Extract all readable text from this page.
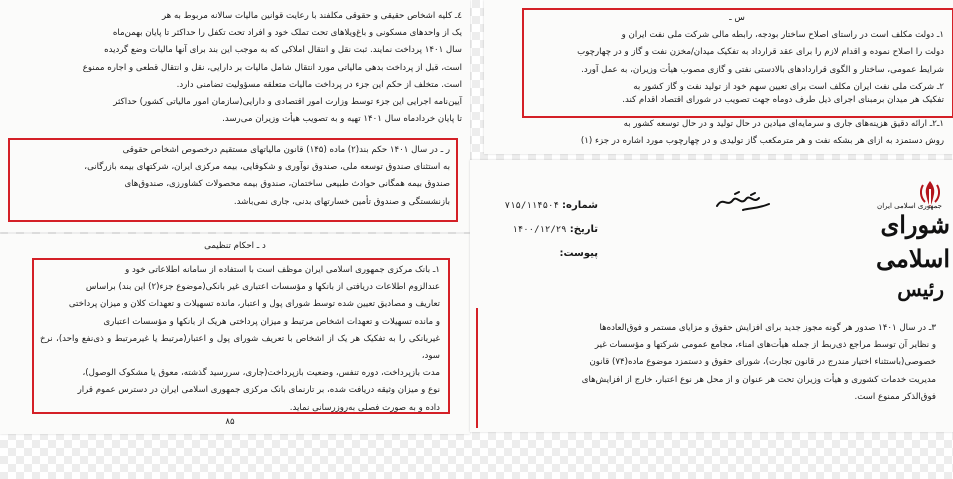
٤ـ کلیه اشخاص حقیقی و حقوقی مکلفند با رعایت قوانین مالیات سالانه مربوط به هر

یک از واحدهای مسکونی و باغ‌ویلاهای تحت تملک خود و افراد تحت تکفل را حداکثر تا پایان بهمن‌ماه

سال ۱۴۰۱ پرداخت نمایند. ثبت نقل و انتقال املاکی که به موجب این بند برای آنها مالیات وضع گردیده

است، قبل از پرداخت بدهی مالیاتی مورد انتقال شامل مالیات بر دارایی، نقل و انتقال قطعی و اجاره ممنوع

است. متخلف از حکم این جزء در پرداخت مالیات متعلقه مسؤولیت تضامنی دارد.

آیین‌نامه اجرایی این جزء توسط وزارت امور اقتصادی و دارایی(سازمان امور مالیاتی کشور) حداکثر

تا پایان خردادماه سال ۱۴۰۱ تهیه و به تصویب هیأت وزیران می‌رسد.

ر ـ در سال ۱۴۰۱ حکم بند(۲) ماده (۱۴۵) قانون مالیاتهای مستقیم درخصوص اشخاص حقوقی

به استثنای صندوق توسعه ملی، صندوق نوآوری و شکوفایی، بیمه مرکزی ایران، شرکتهای بیمه بازرگانی،

صندوق بیمه همگانی حوادث طبیعی ساختمان، صندوق بیمه محصولات کشاورزی، صندوق‌های

بازنشستگی و صندوق تأمین خسارتهای بدنی، جاری نمی‌باشد.

د ـ احکام تنظیمی

۱ـ بانک مرکزی جمهوری اسلامی ایران موظف است با استفاده از سامانه اطلاعاتی خود و

عندالزوم اطلاعات دریافتی از بانکها و مؤسسات اعتباری غیر بانکی(موضوع جزء(۲) این بند) براساس

تعاریف و مصادیق تعیین شده توسط شورای پول و اعتبار، مانده تسهیلات و تعهدات کلان و میزان پرداختی

و مانده تسهیلات و تعهدات اشخاص مرتبط و میزان پرداختی هریک از بانکها و مؤسسات اعتباری

غیربانکی را به تفکیک هر یک از اشخاص با تعریف شورای پول و اعتبار(مرتبط یا غیرمرتبط و ذی‌نفع واحد)، نرخ سود،

مدت بازپرداخت، دوره تنفس، وضعیت بازپرداخت(جاری، سررسید گذشته، معوق یا مشکوک الوصول)،

نوع و میزان وثیقه دریافت شده، بر تارنمای بانک مرکزی جمهوری اسلامی ایران در دسترس عموم قرار

داده و به صورت فصلی به‌روزرسانی نماید.

۸۵

س ـ

۱ـ دولت مکلف است در راستای اصلاح ساختار بودجه، رابطه مالی شرکت ملی نفت ایران و

دولت را اصلاح نموده و اقدام لازم را برای عقد قرارداد به تفکیک میدان/مخزن نفت و گاز و در چهارچوب

شرایط عمومی، ساختار و الگوی قراردادهای بالادستی نفتی و گازی مصوب هیأت وزیران، به عمل آورد.

۲ـ شرکت ملی نفت ایران مکلف است برای تعیین سهم خود از تولید نفت و گاز کشور به

تفکیک هر میدان برمبنای اجرای ذیل طرف دوماه جهت تصویب در شورای اقتصاد اقدام کند.

۱ـ۲ـ ارائه دقیق هزینه‌های جاری و سرمایه‌ای میادین در حال تولید و در حال توسعه کشور به

روش دستمزد به ازای هر بشکه نفت و هر مترمکعب گاز تولیدی و در چهارچوب مورد اشاره در جزء (۱)

شماره: ۷۱۵/۱۱۴۵۰۴
تاریخ: ۱۴۰۰/۱۲/۲۹
پیوست:

۳ـ در سال ۱۴۰۱ صدور هر گونه مجوز جدید برای افزایش حقوق و مزایای مستمر و فوق‌العاده‌ها

و نظایر آن توسط مراجع ذی‌ربط از جمله هیأت‌های امناء، مجامع عمومی شرکتها و مؤسسات غیر

خصوصی(باستثناء اختیار مندرج در قانون تجارت)، شورای حقوق و دستمزد موضوع ماده(۷۴) قانون

مدیریت خدمات کشوری و هیأت وزیران تحت هر عنوان و از محل هر نوع اعتبار، خارج از افزایش‌های

فوق‌الذکر ممنوع است.

جمهوری اسلامی ایران
شورای اسلامی
رئیس
